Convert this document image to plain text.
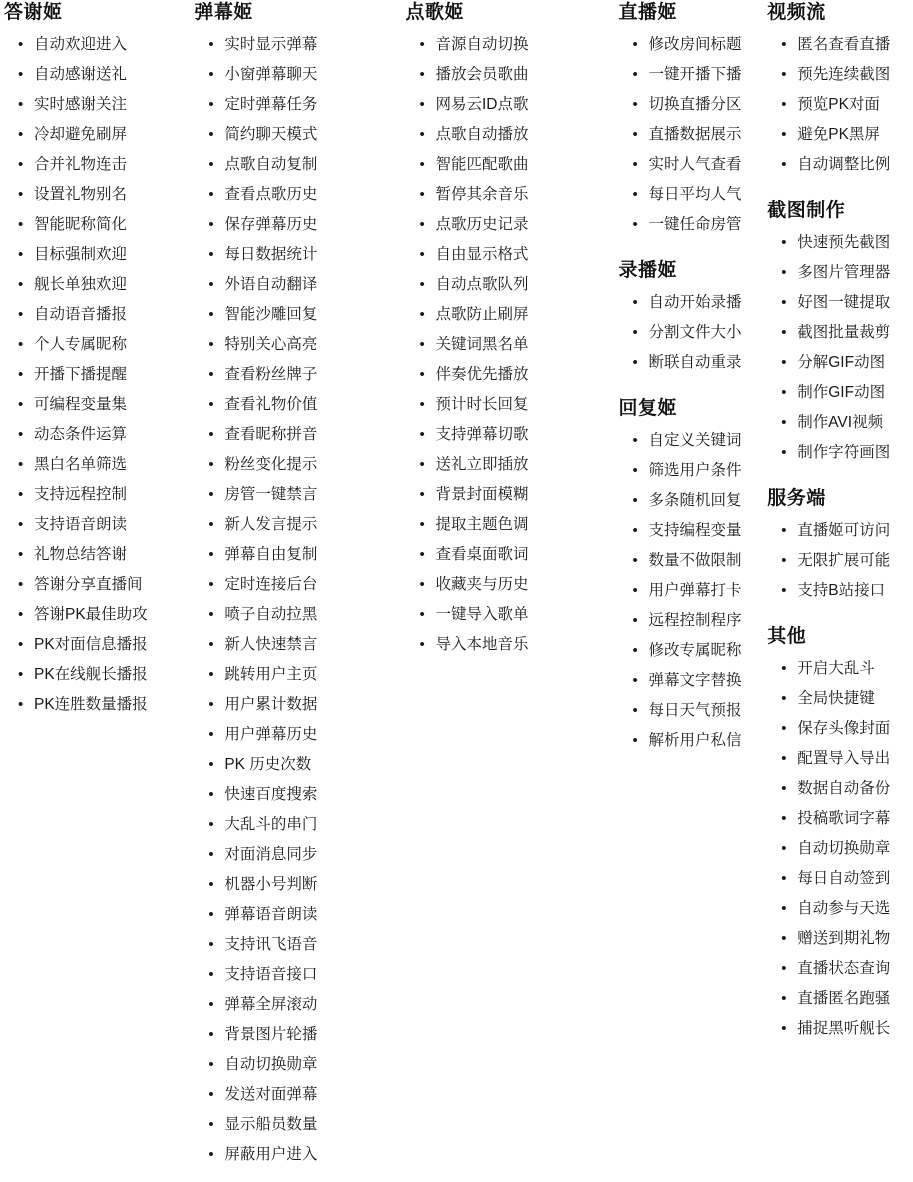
答谢姬
• 自动欢迎进入
• 自动感谢送礼
• 实时感谢关注
• 冷却避免刷屏
• 合并礼物连击
• 设置礼物别名
• 智能昵称简化
• 目标强制欢迎
• 舰长单独欢迎
• 自动语音播报
• 个人专属昵称
• 开播下播提醒
• 可编程变量集
• 动态条件运算
• 黑白名单筛选
• 支持远程控制
• 支持语音朗读
• 礼物总结答谢
• 答谢分享直播间
• 答谢PK最佳助攻
• PK对面信息播报
• PK在线舰长播报
• PK连胜数量播报
弹幕姬
• 实时显示弹幕
• 小窗弹幕聊天
• 定时弹幕任务
• 简约聊天模式
• 点歌自动复制
• 查看点歌历史
• 保存弹幕历史
• 每日数据统计
• 外语自动翻译
• 智能沙雕回复
• 特别关心高亮
• 查看粉丝牌子
• 查看礼物价值
• 查看昵称拼音
• 粉丝变化提示
• 房管一键禁言
• 新人发言提示
• 弹幕自由复制
• 定时连接后台
• 喷子自动拉黑
• 新人快速禁言
• 跳转用户主页
• 用户累计数据
• 用户弹幕历史
• PK 历史次数
• 快速百度搜索
• 大乱斗的串门
• 对面消息同步
• 机器小号判断
• 弹幕语音朗读
• 支持讯飞语音
• 支持语音接口
• 弹幕全屏滚动
• 背景图片轮播
• 自动切换勋章
• 发送对面弹幕
• 显示船员数量
• 屏蔽用户进入
点歌姬
• 音源自动切换
• 播放会员歌曲
• 网易云ID点歌
• 点歌自动播放
• 智能匹配歌曲
• 暂停其余音乐
• 点歌历史记录
• 自由显示格式
• 自动点歌队列
• 点歌防止刷屏
• 关键词黑名单
• 伴奏优先播放
• 预计时长回复
• 支持弹幕切歌
• 送礼立即插放
• 背景封面模糊
• 提取主题色调
• 查看桌面歌词
• 收藏夹与历史
• 一键导入歌单
• 导入本地音乐
直播姬
• 修改房间标题
• 一键开播下播
• 切换直播分区
• 直播数据展示
• 实时人气查看
• 每日平均人气
• 一键任命房管
录播姬
• 自动开始录播
• 分割文件大小
• 断联自动重录
回复姬
• 自定义关键词
• 筛选用户条件
• 多条随机回复
• 支持编程变量
• 数量不做限制
• 用户弹幕打卡
• 远程控制程序
• 修改专属昵称
• 弹幕文字替换
• 每日天气预报
• 解析用户私信
视频流
• 匿名查看直播
• 预先连续截图
• 预览PK对面
• 避免PK黑屏
• 自动调整比例
截图制作
• 快速预先截图
• 多图片管理器
• 好图一键提取
• 截图批量裁剪
• 分解GIF动图
• 制作GIF动图
• 制作AVI视频
• 制作字符画图
服务端
• 直播姬可访问
• 无限扩展可能
• 支持B站接口
其他
• 开启大乱斗
• 全局快捷键
• 保存头像封面
• 配置导入导出
• 数据自动备份
• 投稿歌词字幕
• 自动切换勋章
• 每日自动签到
• 自动参与天选
• 赠送到期礼物
• 直播状态查询
• 直播匿名跑骚
• 捕捉黑听舰长
